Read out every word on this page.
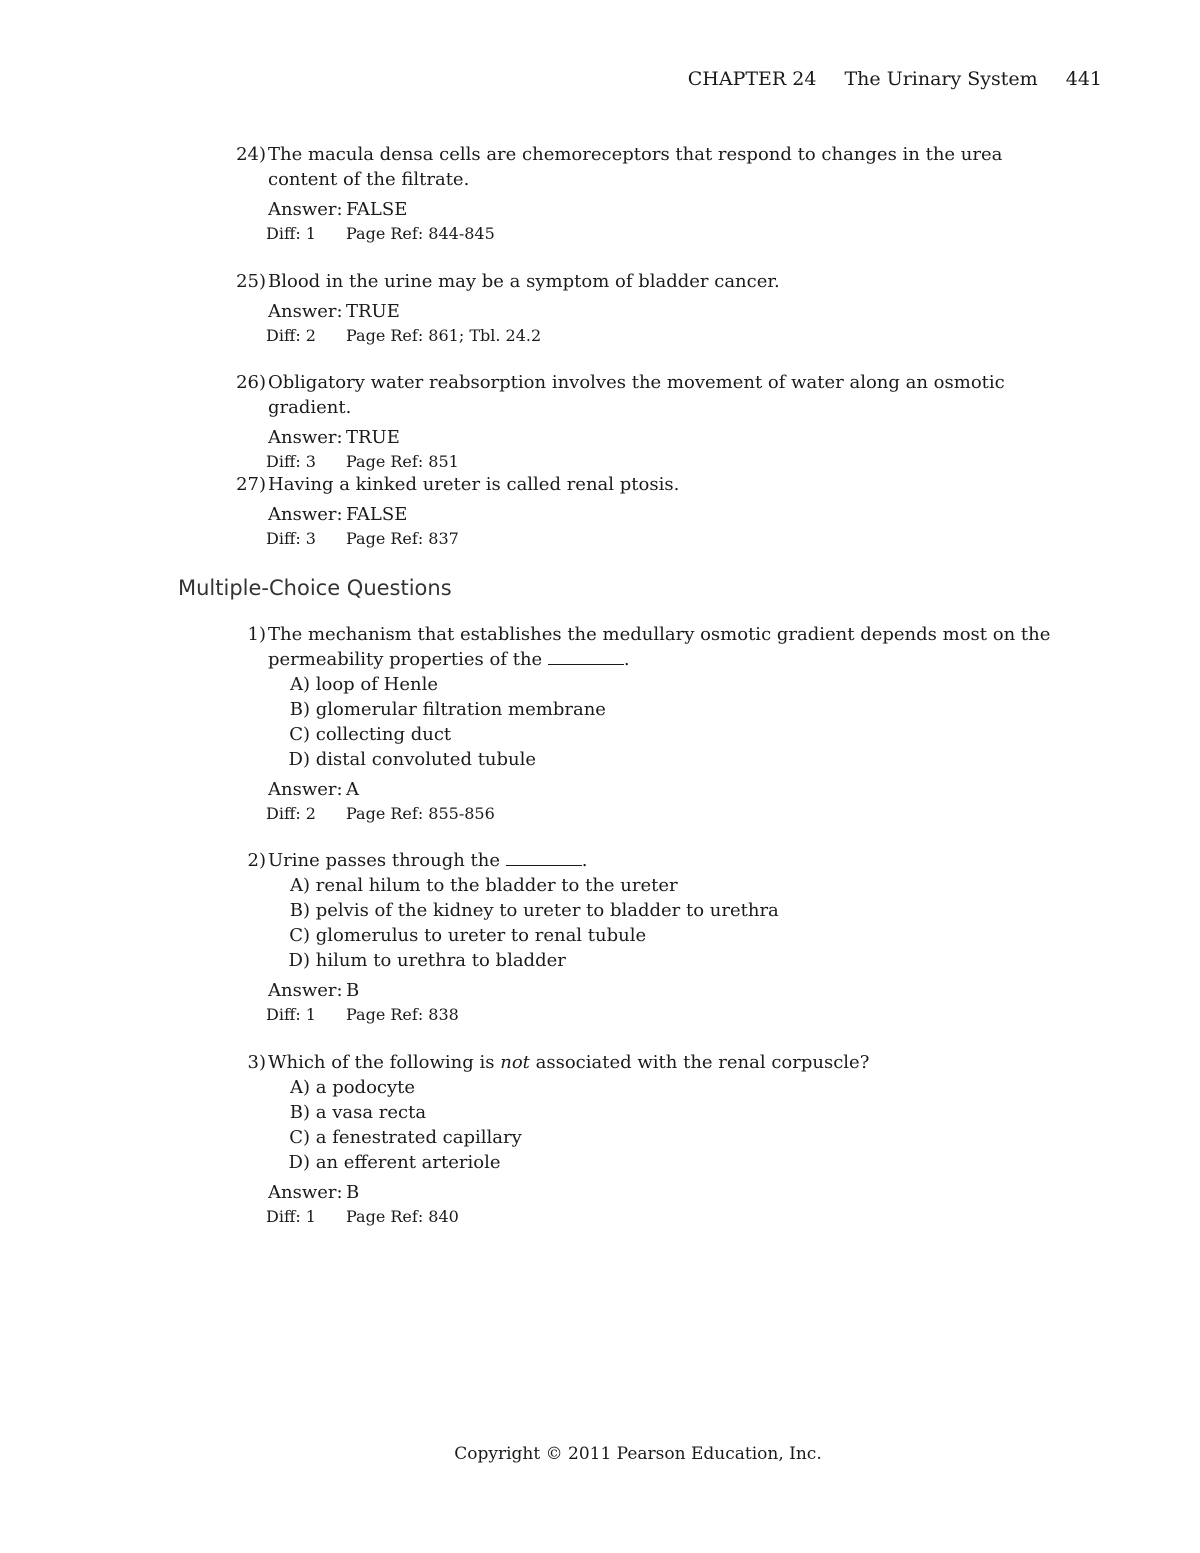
CHAPTER 24 The Urinary System 441
24) The macula densa cells are chemoreceptors that respond to changes in the urea content of the filtrate.
Answer: FALSE
Diff: 1 Page Ref: 844-845
25) Blood in the urine may be a symptom of bladder cancer.
Answer: TRUE
Diff: 2 Page Ref: 861; Tbl. 24.2
26) Obligatory water reabsorption involves the movement of water along an osmotic gradient.
Answer: TRUE
Diff: 3 Page Ref: 851
27) Having a kinked ureter is called renal ptosis.
Answer: FALSE
Diff: 3 Page Ref: 837
Multiple-Choice Questions
1) The mechanism that establishes the medullary osmotic gradient depends most on the permeability properties of the	.
A) loop of Henle
B) glomerular filtration membrane
C) collecting duct
D) distal convoluted tubule
Answer: A
Diff: 2 Page Ref: 855-856
2) Urine passes through the	.
A) renal hilum to the bladder to the ureter
B) pelvis of the kidney to ureter to bladder to urethra
C) glomerulus to ureter to renal tubule
D) hilum to urethra to bladder
Answer: B
Diff: 1 Page Ref: 838
3) Which of the following is not associated with the renal corpuscle?
A) a podocyte
B) a vasa recta
C) a fenestrated capillary
D) an efferent arteriole
Answer: B
Diff: 1 Page Ref: 840
Copyright © 2011 Pearson Education, Inc.
